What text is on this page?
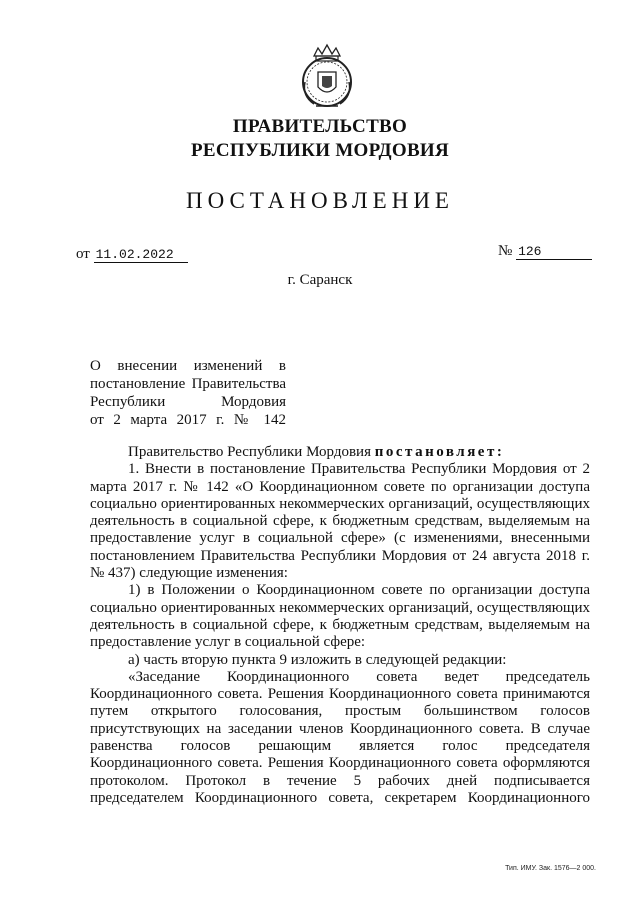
ПРАВИТЕЛЬСТВО
РЕСПУБЛИКИ МОРДОВИЯ
ПОСТАНОВЛЕНИЕ
от 11.02.2022	№ 126
г. Саранск
О внесении изменений в
постановление Правительства
Республики Мордовия
от 2 марта 2017 г. № 142
Правительство Республики Мордовия постановляет:
1. Внести в постановление Правительства Республики Мордовия от 2
марта 2017 г. № 142 «О Координационном совете по организации доступа
социально ориентированных некоммерческих организаций, осуществляющих
деятельность в социальной сфере, к бюджетным средствам, выделяемым на
предоставление услуг в социальной сфере» (с изменениями, внесенными
постановлением Правительства Республики Мордовия от 24 августа 2018 г.
№ 437) следующие изменения:
1) в Положении о Координационном совете по организации доступа
социально ориентированных некоммерческих организаций, осуществляющих
деятельность в социальной сфере, к бюджетным средствам, выделяемым на
предоставление услуг в социальной сфере:
а) часть вторую пункта 9 изложить в следующей редакции:
«Заседание Координационного совета ведет председатель
Координационного совета. Решения Координационного совета принимаются
путем открытого голосования, простым большинством голосов
присутствующих на заседании членов Координационного совета. В случае
равенства голосов решающим является голос председателя
Координационного совета. Решения Координационного совета оформляются
протоколом. Протокол в течение 5 рабочих дней подписывается
председателем Координационного совета, секретарем Координационного
Тип. ИМУ. Зак. 1576—2 000.
